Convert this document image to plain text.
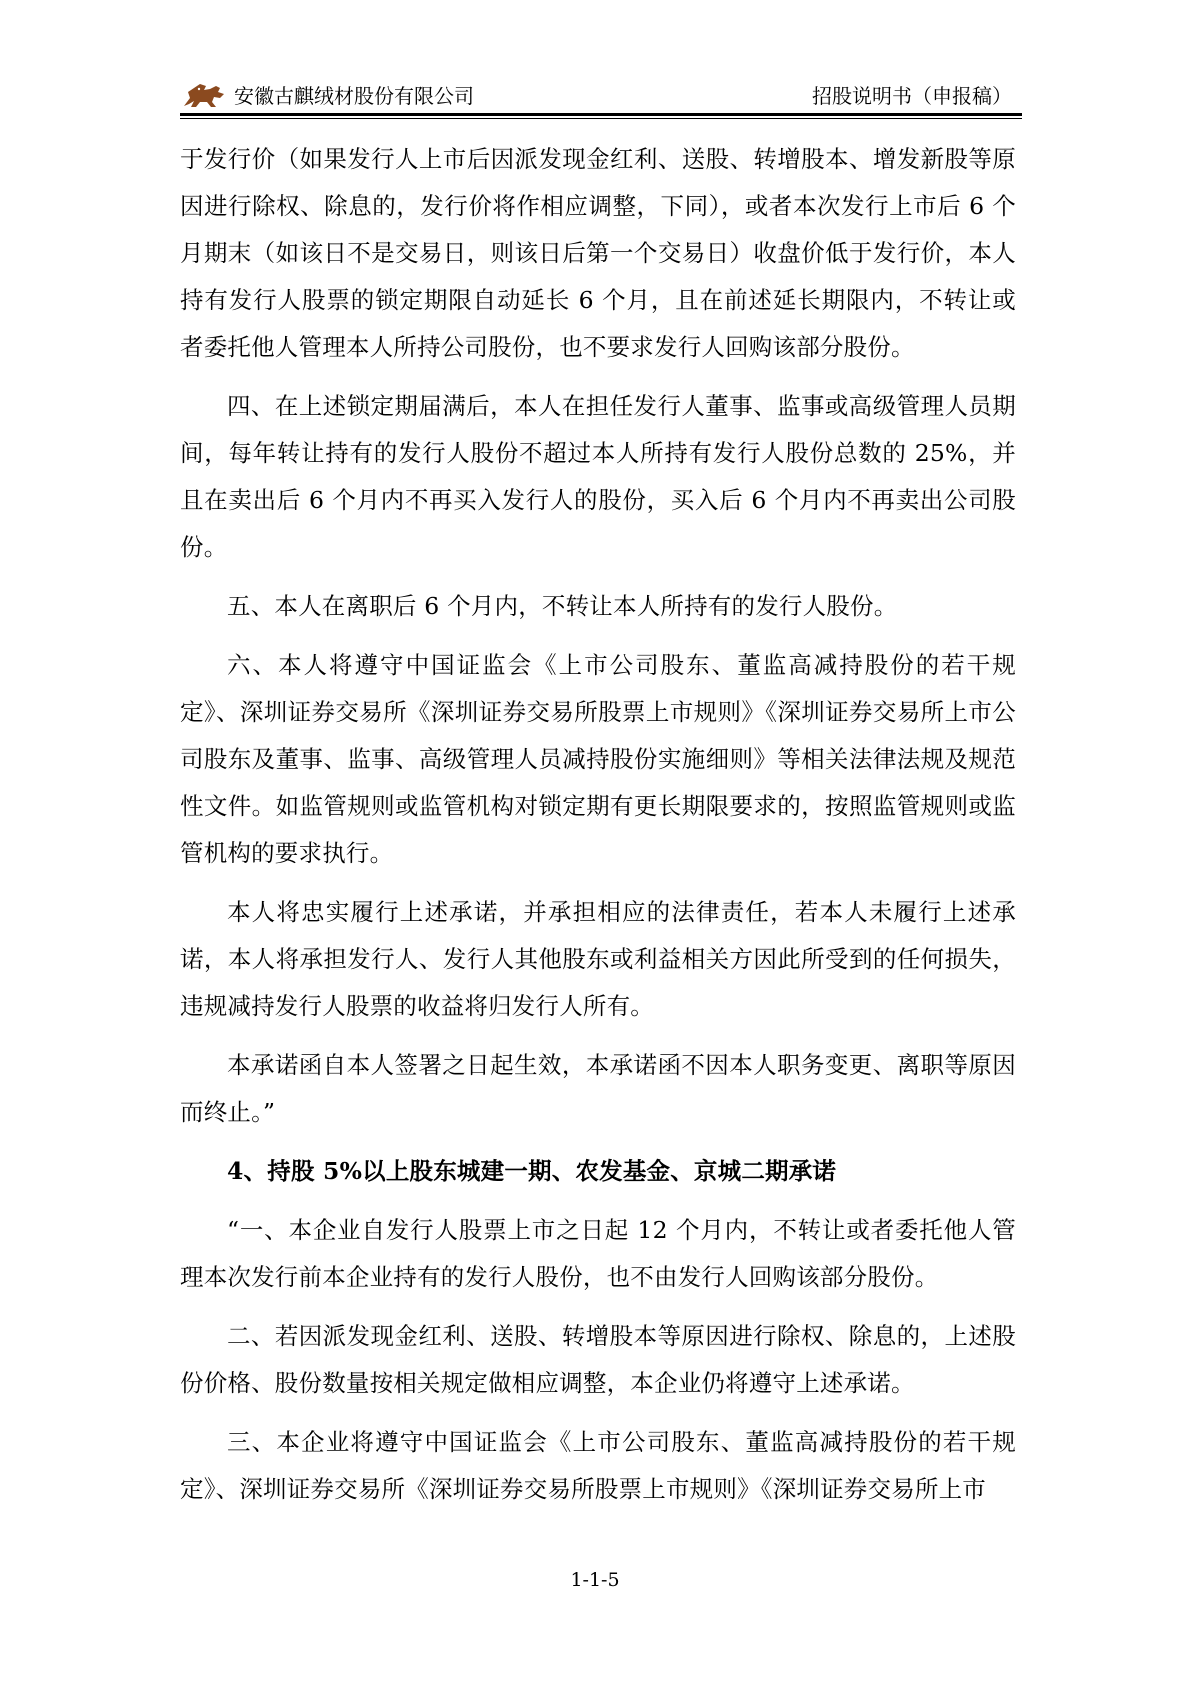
安徽古麒绒材股份有限公司	招股说明书（申报稿）

于发行价（如果发行人上市后因派发现金红利、送股、转增股本、增发新股等原因进行除权、除息的，发行价将作相应调整，下同），或者本次发行上市后 6 个月期末（如该日不是交易日，则该日后第一个交易日）收盘价低于发行价，本人持有发行人股票的锁定期限自动延长 6 个月，且在前述延长期限内，不转让或者委托他人管理本人所持公司股份，也不要求发行人回购该部分股份。

四、在上述锁定期届满后，本人在担任发行人董事、监事或高级管理人员期间，每年转让持有的发行人股份不超过本人所持有发行人股份总数的 25%，并且在卖出后 6 个月内不再买入发行人的股份，买入后 6 个月内不再卖出公司股份。

五、本人在离职后 6 个月内，不转让本人所持有的发行人股份。

六、本人将遵守中国证监会《上市公司股东、董监高减持股份的若干规定》、深圳证券交易所《深圳证券交易所股票上市规则》《深圳证券交易所上市公司股东及董事、监事、高级管理人员减持股份实施细则》等相关法律法规及规范性文件。如监管规则或监管机构对锁定期有更长期限要求的，按照监管规则或监管机构的要求执行。

本人将忠实履行上述承诺，并承担相应的法律责任，若本人未履行上述承诺，本人将承担发行人、发行人其他股东或利益相关方因此所受到的任何损失，违规减持发行人股票的收益将归发行人所有。

本承诺函自本人签署之日起生效，本承诺函不因本人职务变更、离职等原因而终止。”

4、持股 5%以上股东城建一期、农发基金、京城二期承诺

“一、本企业自发行人股票上市之日起 12 个月内，不转让或者委托他人管理本次发行前本企业持有的发行人股份，也不由发行人回购该部分股份。

二、若因派发现金红利、送股、转增股本等原因进行除权、除息的，上述股份价格、股份数量按相关规定做相应调整，本企业仍将遵守上述承诺。

三、本企业将遵守中国证监会《上市公司股东、董监高减持股份的若干规定》、深圳证券交易所《深圳证券交易所股票上市规则》《深圳证券交易所上市

1-1-5
